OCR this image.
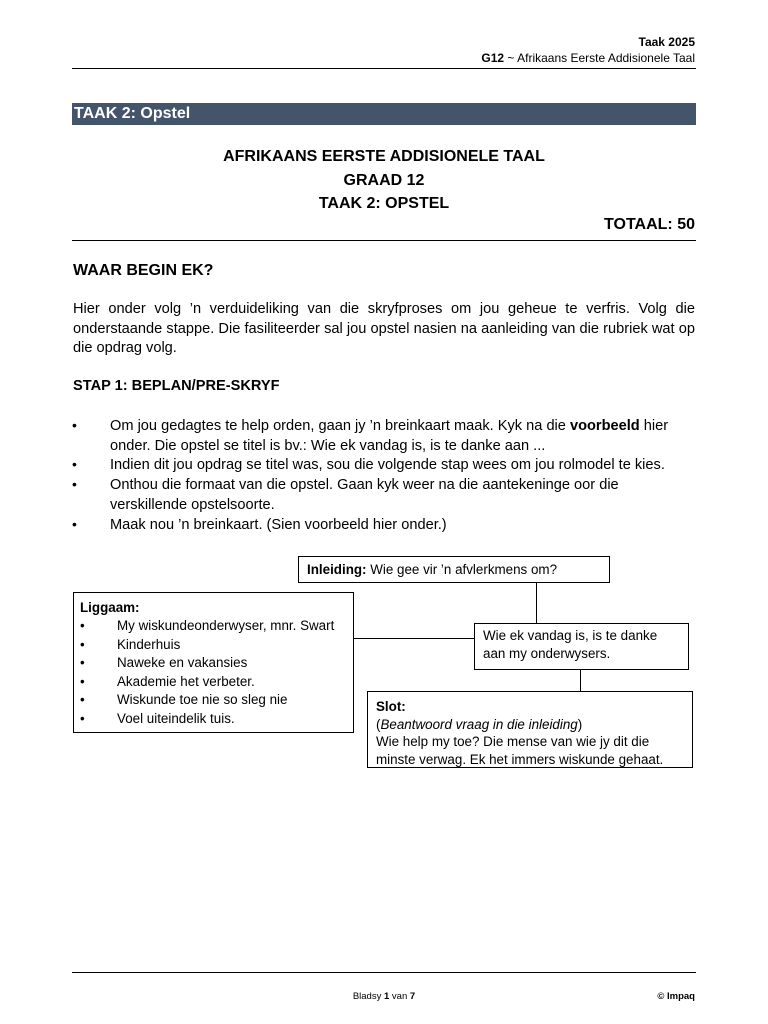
Taak 2025
G12 ~ Afrikaans Eerste Addisionele Taal
TAAK 2: Opstel
AFRIKAANS EERSTE ADDISIONELE TAAL
GRAAD 12
TAAK 2: OPSTEL
TOTAAL: 50
WAAR BEGIN EK?
Hier onder volg ’n verduideliking van die skryfproses om jou geheue te verfris. Volg die onderstaande stappe. Die fasiliteerder sal jou opstel nasien na aanleiding van die rubriek wat op die opdrag volg.
STAP 1: BEPLAN/PRE-SKRYF
• Om jou gedagtes te help orden, gaan jy ’n breinkaart maak. Kyk na die voorbeeld hier onder. Die opstel se titel is bv.: Wie ek vandag is, is te danke aan ...
• Indien dit jou opdrag se titel was, sou die volgende stap wees om jou rolmodel te kies.
• Onthou die formaat van die opstel. Gaan kyk weer na die aantekeninge oor die verskillende opstelsoorte.
• Maak nou ’n breinkaart. (Sien voorbeeld hier onder.)
Inleiding: Wie gee vir ’n afvlerkmens om?
Wie ek vandag is, is te danke aan my onderwysers.
Liggaam:
• My wiskundeonderwyser, mnr. Swart
• Kinderhuis
• Naweke en vakansies
• Akademie het verbeter.
• Wiskunde toe nie so sleg nie
• Voel uiteindelik tuis.
Slot:
(Beantwoord vraag in die inleiding)
Wie help my toe? Die mense van wie jy dit die minste verwag. Ek het immers wiskunde gehaat.
Bladsy 1 van 7	© Impaq
